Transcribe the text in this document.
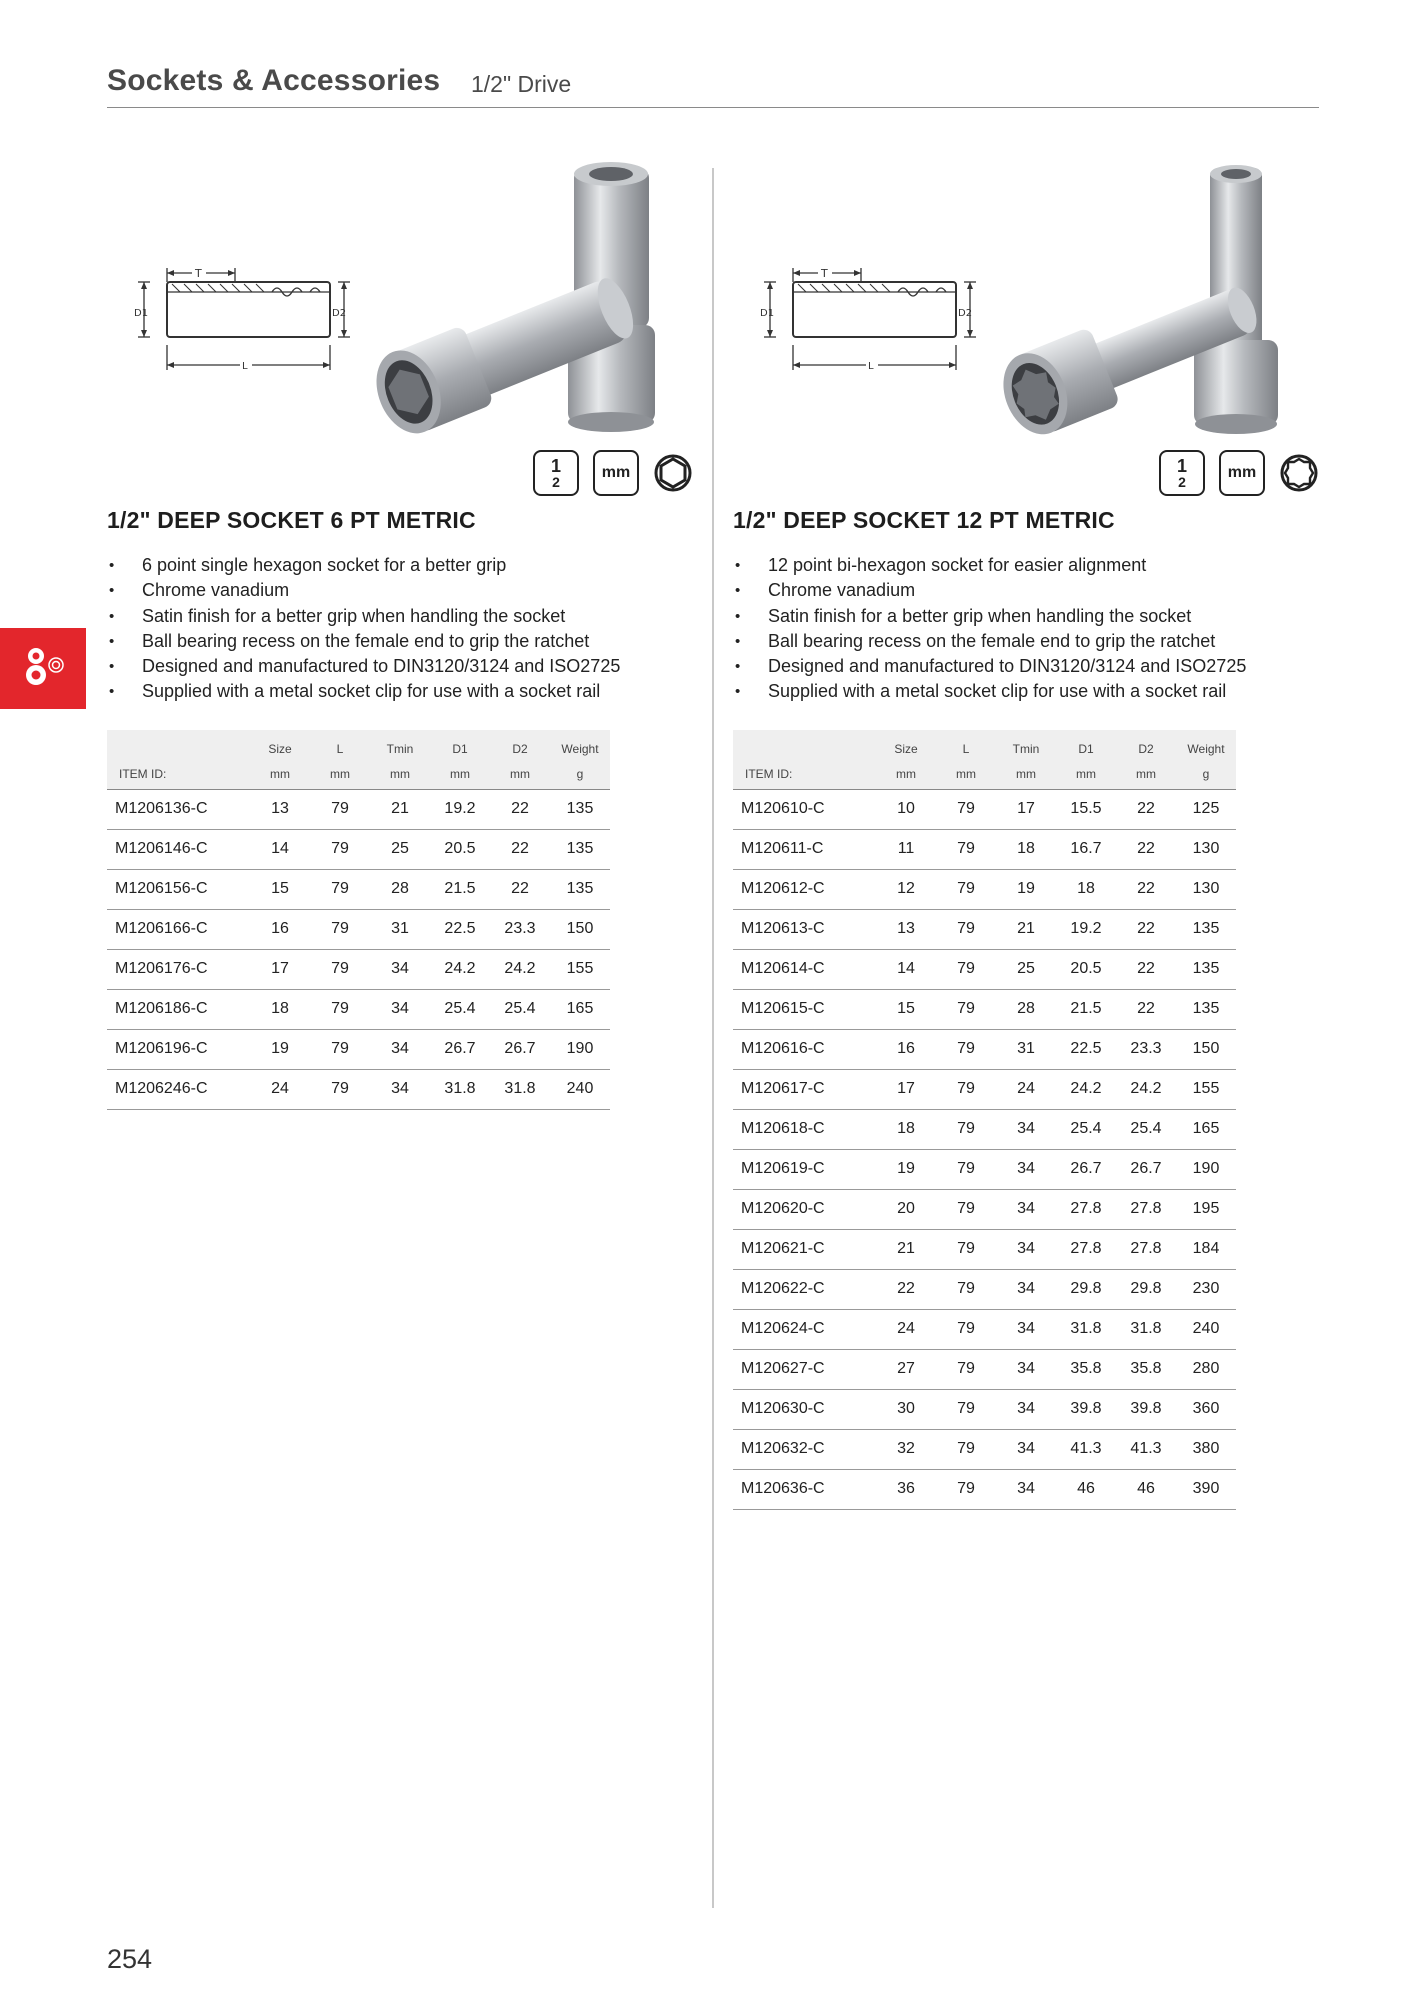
Sockets & Accessories 1/2" Drive
T
D1	D2
L
1
2
mm
1/2" DEEP SOCKET 6 PT METRIC
• 6 point single hexagon socket for a better grip
• Chrome vanadium
• Satin finish for a better grip when handling the socket
• Ball bearing recess on the female end to grip the ratchet
• Designed and manufactured to DIN3120/3124 and ISO2725
• Supplied with a metal socket clip for use with a socket rail
	Size	L	Tmin	D1	D2	Weight
ITEM ID:	mm	mm	mm	mm	mm	g
M1206136-C	13	79	21	19.2	22	135
M1206146-C	14	79	25	20.5	22	135
M1206156-C	15	79	28	21.5	22	135
M1206166-C	16	79	31	22.5	23.3	150
M1206176-C	17	79	34	24.2	24.2	155
M1206186-C	18	79	34	25.4	25.4	165
M1206196-C	19	79	34	26.7	26.7	190
M1206246-C	24	79	34	31.8	31.8	240
T
D1	D2
L
1
2
mm
1/2" DEEP SOCKET 12 PT METRIC
• 12 point bi-hexagon socket for easier alignment
• Chrome vanadium
• Satin finish for a better grip when handling the socket
• Ball bearing recess on the female end to grip the ratchet
• Designed and manufactured to DIN3120/3124 and ISO2725
• Supplied with a metal socket clip for use with a socket rail
	Size	L	Tmin	D1	D2	Weight
ITEM ID:	mm	mm	mm	mm	mm	g
M120610-C	10	79	17	15.5	22	125
M120611-C	11	79	18	16.7	22	130
M120612-C	12	79	19	18	22	130
M120613-C	13	79	21	19.2	22	135
M120614-C	14	79	25	20.5	22	135
M120615-C	15	79	28	21.5	22	135
M120616-C	16	79	31	22.5	23.3	150
M120617-C	17	79	24	24.2	24.2	155
M120618-C	18	79	34	25.4	25.4	165
M120619-C	19	79	34	26.7	26.7	190
M120620-C	20	79	34	27.8	27.8	195
M120621-C	21	79	34	27.8	27.8	184
M120622-C	22	79	34	29.8	29.8	230
M120624-C	24	79	34	31.8	31.8	240
M120627-C	27	79	34	35.8	35.8	280
M120630-C	30	79	34	39.8	39.8	360
M120632-C	32	79	34	41.3	41.3	380
M120636-C	36	79	34	46	46	390
254
